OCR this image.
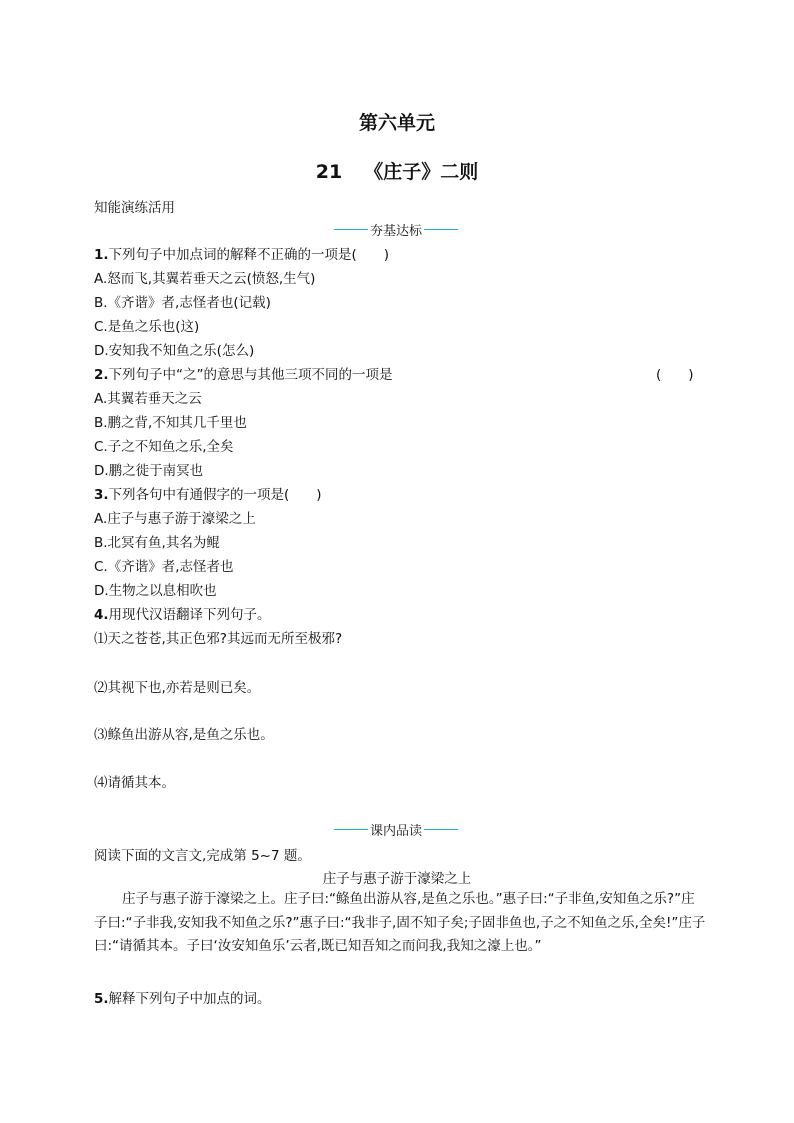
第六单元
21 《庄子》二则
知能演练活用
夯基达标
1.下列句子中加点词的解释不正确的一项是(　　)
A.怒而飞,其翼若垂天之云(愤怒,生气)
B.《齐谐》者,志怪者也(记载)
C.是鱼之乐也(这)
D.安知我不知鱼之乐(怎么)
2.下列句子中“之”的意思与其他三项不同的一项是	(　　)
A.其翼若垂天之云
B.鹏之背,不知其几千里也
C.子之不知鱼之乐,全矣
D.鹏之徙于南冥也
3.下列各句中有通假字的一项是(　　)
A.庄子与惠子游于濠梁之上
B.北冥有鱼,其名为鲲
C.《齐谐》者,志怪者也
D.生物之以息相吹也
4.用现代汉语翻译下列句子。
⑴天之苍苍,其正色邪?其远而无所至极邪?
⑵其视下也,亦若是则已矣。
⑶鲦鱼出游从容,是鱼之乐也。
⑷请循其本。
课内品读
阅读下面的文言文,完成第 5~7 题。
庄子与惠子游于濠梁之上
庄子与惠子游于濠梁之上。庄子曰:“鲦鱼出游从容,是鱼之乐也。”惠子曰:“子非鱼,安知鱼之乐?”庄子曰:“子非我,安知我不知鱼之乐?”惠子曰:“我非子,固不知子矣;子固非鱼也,子之不知鱼之乐,全矣!”庄子曰:“请循其本。子曰‘汝安知鱼乐’云者,既已知吾知之而问我,我知之濠上也。”
5.解释下列句子中加点的词。
